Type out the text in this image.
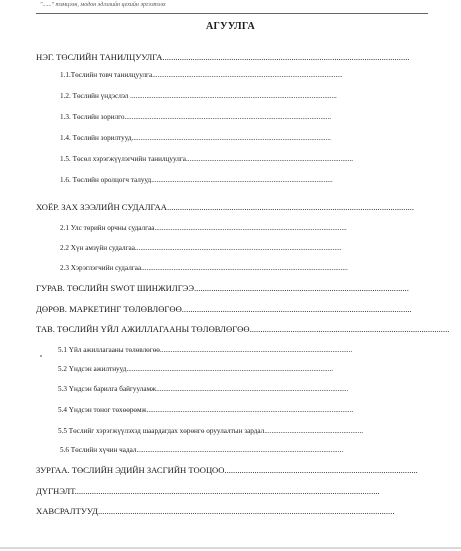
"......" тэмцээн, модон эдлэлийн цехийн эргээтээх
АГУУЛГА
НЭГ. ТӨСЛИЙН ТАНИЛЦУУЛГА...................................................................................................................
1.1.Төслийн товч танилцуулга..........................................................................................................
1.2. Төслийн үндэслэл ...................................................................................................................
1.3. Төслийн зорилго...................................................................................................................
1.4. Төслийн зорилтууд...............................................................................................................
1.5. Төсөл хэрэгжүүлэгчийн танилцуулга.............................................................................................
1.6. Төслийн оролцогч талууд.....................................................................................................
ХОЁР. ЗАХ ЗЭЭЛИЙН СУДАЛГАА...................................................................................................................
2.1 Улс төрийн орчны судалгаа...........................................................................................................
2.2 Хүн амзүйн судалгаа...................................................................................................................
2.3 Хэрэглэгчийн судалгаа...................................................................................................................
ГУРАВ. ТӨСЛИЙН SWOT ШИНЖИЛГЭЭ....................................................................................................
ДӨРӨВ. МАРКЕТИНГ ТӨЛӨВЛӨГӨӨ...........................................................................................................
ТАВ. ТӨСЛИЙН ҮЙЛ АЖИЛЛАГААНЫ ТӨЛӨВЛӨГӨӨ.............................................................................................
5.1 Үйл ажиллагааны төлөвлөгөө...........................................................................................................
5.2 Үндсэн ажилтнууд...................................................................................................................
5.3 Үндсэн барилга байгууламж...........................................................................................................
5.4 Үндсэн тоног төхөөрөмж...................................................................................................................
5.5 Төслийг хэрэгжүүлэхэд шаардагдах хөрөнгө оруулалтын зардал.......................................................
5.6 Төслийн хүчин чадал...................................................................................................................
ЗУРГАА. ТӨСЛИЙН ЭДИЙН ЗАСГИЙН ТООЦОО..........................................................................................
ДҮГНЭЛТ..............................................................................................................................................
ХАВСРАЛТУУД..........................................................................................................................................
